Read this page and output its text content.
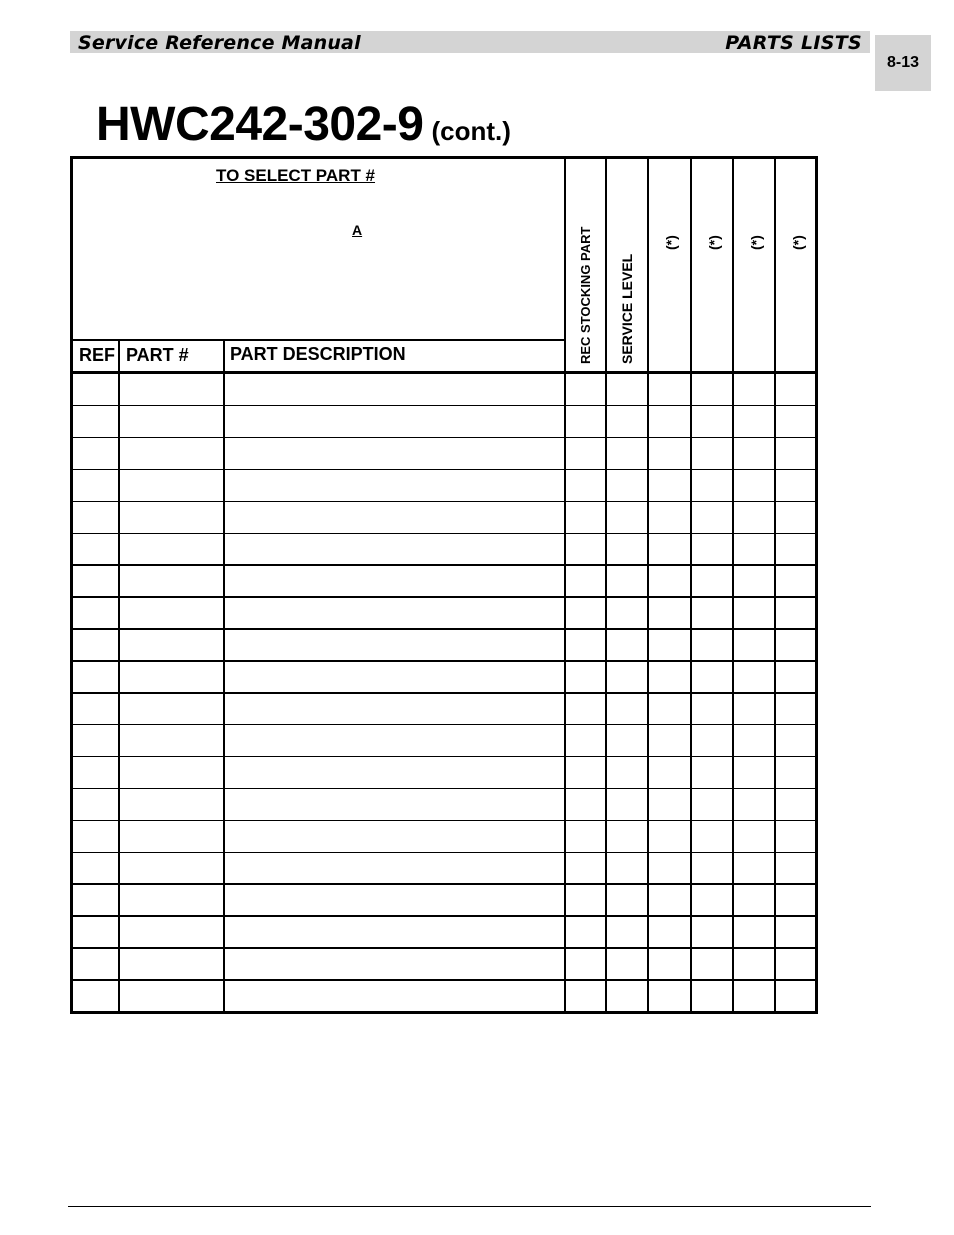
Service Reference Manual	PARTS LISTS
8-13
HWC242-302-9 (cont.)
TO SELECT PART #
A
REF PART # PART DESCRIPTION	REC STOCKING PART SERVICE LEVEL
(*) (*) (*) (*)
